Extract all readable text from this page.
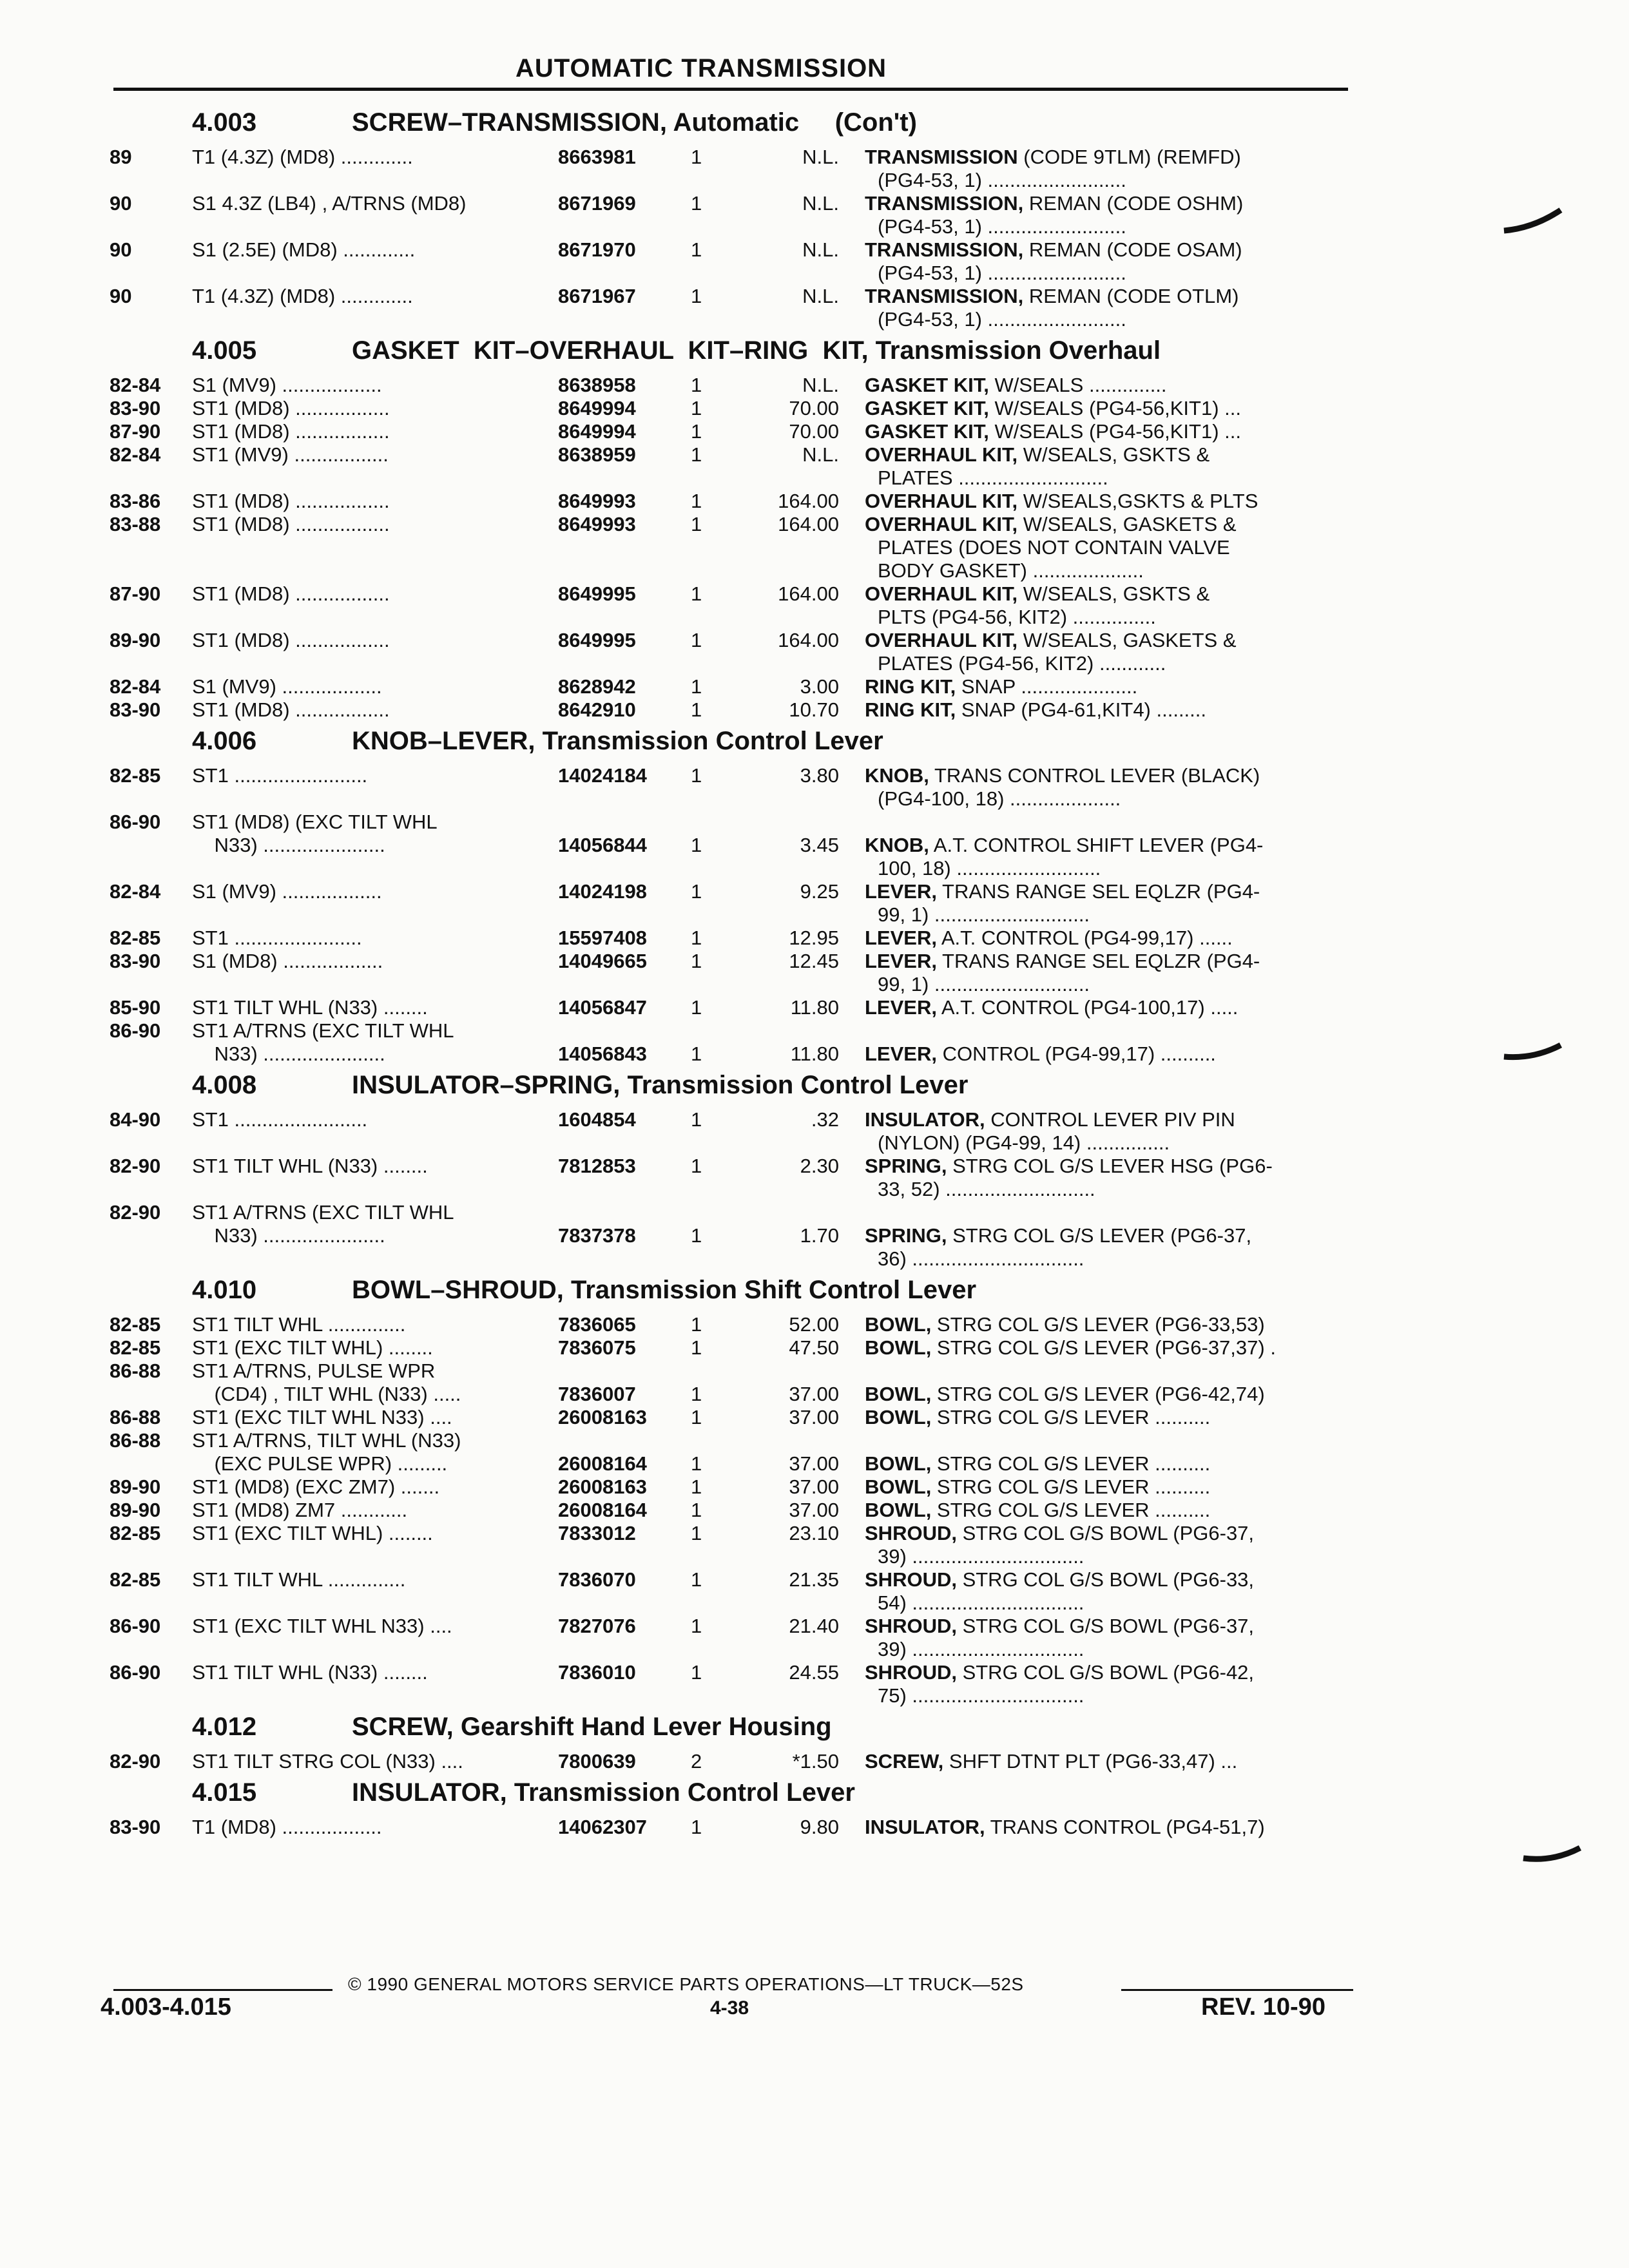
AUTOMATIC TRANSMISSION
4.003	SCREW–TRANSMISSION, Automatic     (Con't)
89	T1 (4.3Z) (MD8) .............	8663981	1	N.L.	TRANSMISSION (CODE 9TLM) (REMFD)
(PG4-53, 1) .........................
90	S1 4.3Z (LB4) , A/TRNS (MD8)	8671969	1	N.L.	TRANSMISSION, REMAN (CODE OSHM)
(PG4-53, 1) .........................
90	S1 (2.5E) (MD8) .............	8671970	1	N.L.	TRANSMISSION, REMAN (CODE OSAM)
(PG4-53, 1) .........................
90	T1 (4.3Z) (MD8) .............	8671967	1	N.L.	TRANSMISSION, REMAN (CODE OTLM)
(PG4-53, 1) .........................
4.005	GASKET  KIT–OVERHAUL  KIT–RING  KIT, Transmission Overhaul
82-84	S1 (MV9) ..................	8638958	1	N.L.	GASKET KIT, W/SEALS ..............
83-90	ST1 (MD8) .................	8649994	1	70.00	GASKET KIT, W/SEALS (PG4-56,KIT1) ...
87-90	ST1 (MD8) .................	8649994	1	70.00	GASKET KIT, W/SEALS (PG4-56,KIT1) ...
82-84	ST1 (MV9) .................	8638959	1	N.L.	OVERHAUL KIT, W/SEALS, GSKTS &
PLATES ...........................
83-86	ST1 (MD8) .................	8649993	1	164.00	OVERHAUL KIT, W/SEALS,GSKTS & PLTS
83-88	ST1 (MD8) .................	8649993	1	164.00	OVERHAUL KIT, W/SEALS, GASKETS &
PLATES (DOES NOT CONTAIN VALVE
BODY GASKET) ....................
87-90	ST1 (MD8) .................	8649995	1	164.00	OVERHAUL KIT, W/SEALS, GSKTS &
PLTS (PG4-56, KIT2) ...............
89-90	ST1 (MD8) .................	8649995	1	164.00	OVERHAUL KIT, W/SEALS, GASKETS &
PLATES (PG4-56, KIT2) ............
82-84	S1 (MV9) ..................	8628942	1	3.00	RING KIT, SNAP .....................
83-90	ST1 (MD8) .................	8642910	1	10.70	RING KIT, SNAP (PG4-61,KIT4) .........
4.006	KNOB–LEVER, Transmission Control Lever
82-85	ST1 ........................	14024184	1	3.80	KNOB, TRANS CONTROL LEVER (BLACK)
(PG4-100, 18) ....................
86-90	ST1 (MD8) (EXC TILT WHL
N33) ......................	14056844	1	3.45	KNOB, A.T. CONTROL SHIFT LEVER (PG4-
100, 18) ..........................
82-84	S1 (MV9) ..................	14024198	1	9.25	LEVER, TRANS RANGE SEL EQLZR (PG4-
99, 1) ............................
82-85	ST1 .......................	15597408	1	12.95	LEVER, A.T. CONTROL (PG4-99,17) ......
83-90	S1 (MD8) ..................	14049665	1	12.45	LEVER, TRANS RANGE SEL EQLZR (PG4-
99, 1) ............................
85-90	ST1 TILT WHL (N33) ........	14056847	1	11.80	LEVER, A.T. CONTROL (PG4-100,17) .....
86-90	ST1 A/TRNS (EXC TILT WHL
N33) ......................	14056843	1	11.80	LEVER, CONTROL (PG4-99,17) ..........
4.008	INSULATOR–SPRING, Transmission Control Lever
84-90	ST1 ........................	1604854	1	.32	INSULATOR, CONTROL LEVER PIV PIN
(NYLON) (PG4-99, 14) ...............
82-90	ST1 TILT WHL (N33) ........	7812853	1	2.30	SPRING, STRG COL G/S LEVER HSG (PG6-
33, 52) ...........................
82-90	ST1 A/TRNS (EXC TILT WHL
N33) ......................	7837378	1	1.70	SPRING, STRG COL G/S LEVER (PG6-37,
36) ...............................
4.010	BOWL–SHROUD, Transmission Shift Control Lever
82-85	ST1 TILT WHL ..............	7836065	1	52.00	BOWL, STRG COL G/S LEVER (PG6-33,53)
82-85	ST1 (EXC TILT WHL) ........	7836075	1	47.50	BOWL, STRG COL G/S LEVER (PG6-37,37) .
86-88	ST1 A/TRNS, PULSE WPR
(CD4) , TILT WHL (N33) .....	7836007	1	37.00	BOWL, STRG COL G/S LEVER (PG6-42,74)
86-88	ST1 (EXC TILT WHL N33) ....	26008163	1	37.00	BOWL, STRG COL G/S LEVER ..........
86-88	ST1 A/TRNS, TILT WHL (N33)
(EXC PULSE WPR) .........	26008164	1	37.00	BOWL, STRG COL G/S LEVER ..........
89-90	ST1 (MD8) (EXC ZM7) .......	26008163	1	37.00	BOWL, STRG COL G/S LEVER ..........
89-90	ST1 (MD8) ZM7 ............	26008164	1	37.00	BOWL, STRG COL G/S LEVER ..........
82-85	ST1 (EXC TILT WHL) ........	7833012	1	23.10	SHROUD, STRG COL G/S BOWL (PG6-37,
39) ...............................
82-85	ST1 TILT WHL ..............	7836070	1	21.35	SHROUD, STRG COL G/S BOWL (PG6-33,
54) ...............................
86-90	ST1 (EXC TILT WHL N33) ....	7827076	1	21.40	SHROUD, STRG COL G/S BOWL (PG6-37,
39) ...............................
86-90	ST1 TILT WHL (N33) ........	7836010	1	24.55	SHROUD, STRG COL G/S BOWL (PG6-42,
75) ...............................
4.012	SCREW, Gearshift Hand Lever Housing
82-90	ST1 TILT STRG COL (N33) ....	7800639	2	*1.50	SCREW, SHFT DTNT PLT (PG6-33,47) ...
4.015	INSULATOR, Transmission Control Lever
83-90	T1 (MD8) ..................	14062307	1	9.80	INSULATOR, TRANS CONTROL (PG4-51,7)
© 1990 GENERAL MOTORS SERVICE PARTS OPERATIONS—LT TRUCK—52S
4.003-4.015	4-38	REV. 10-90
